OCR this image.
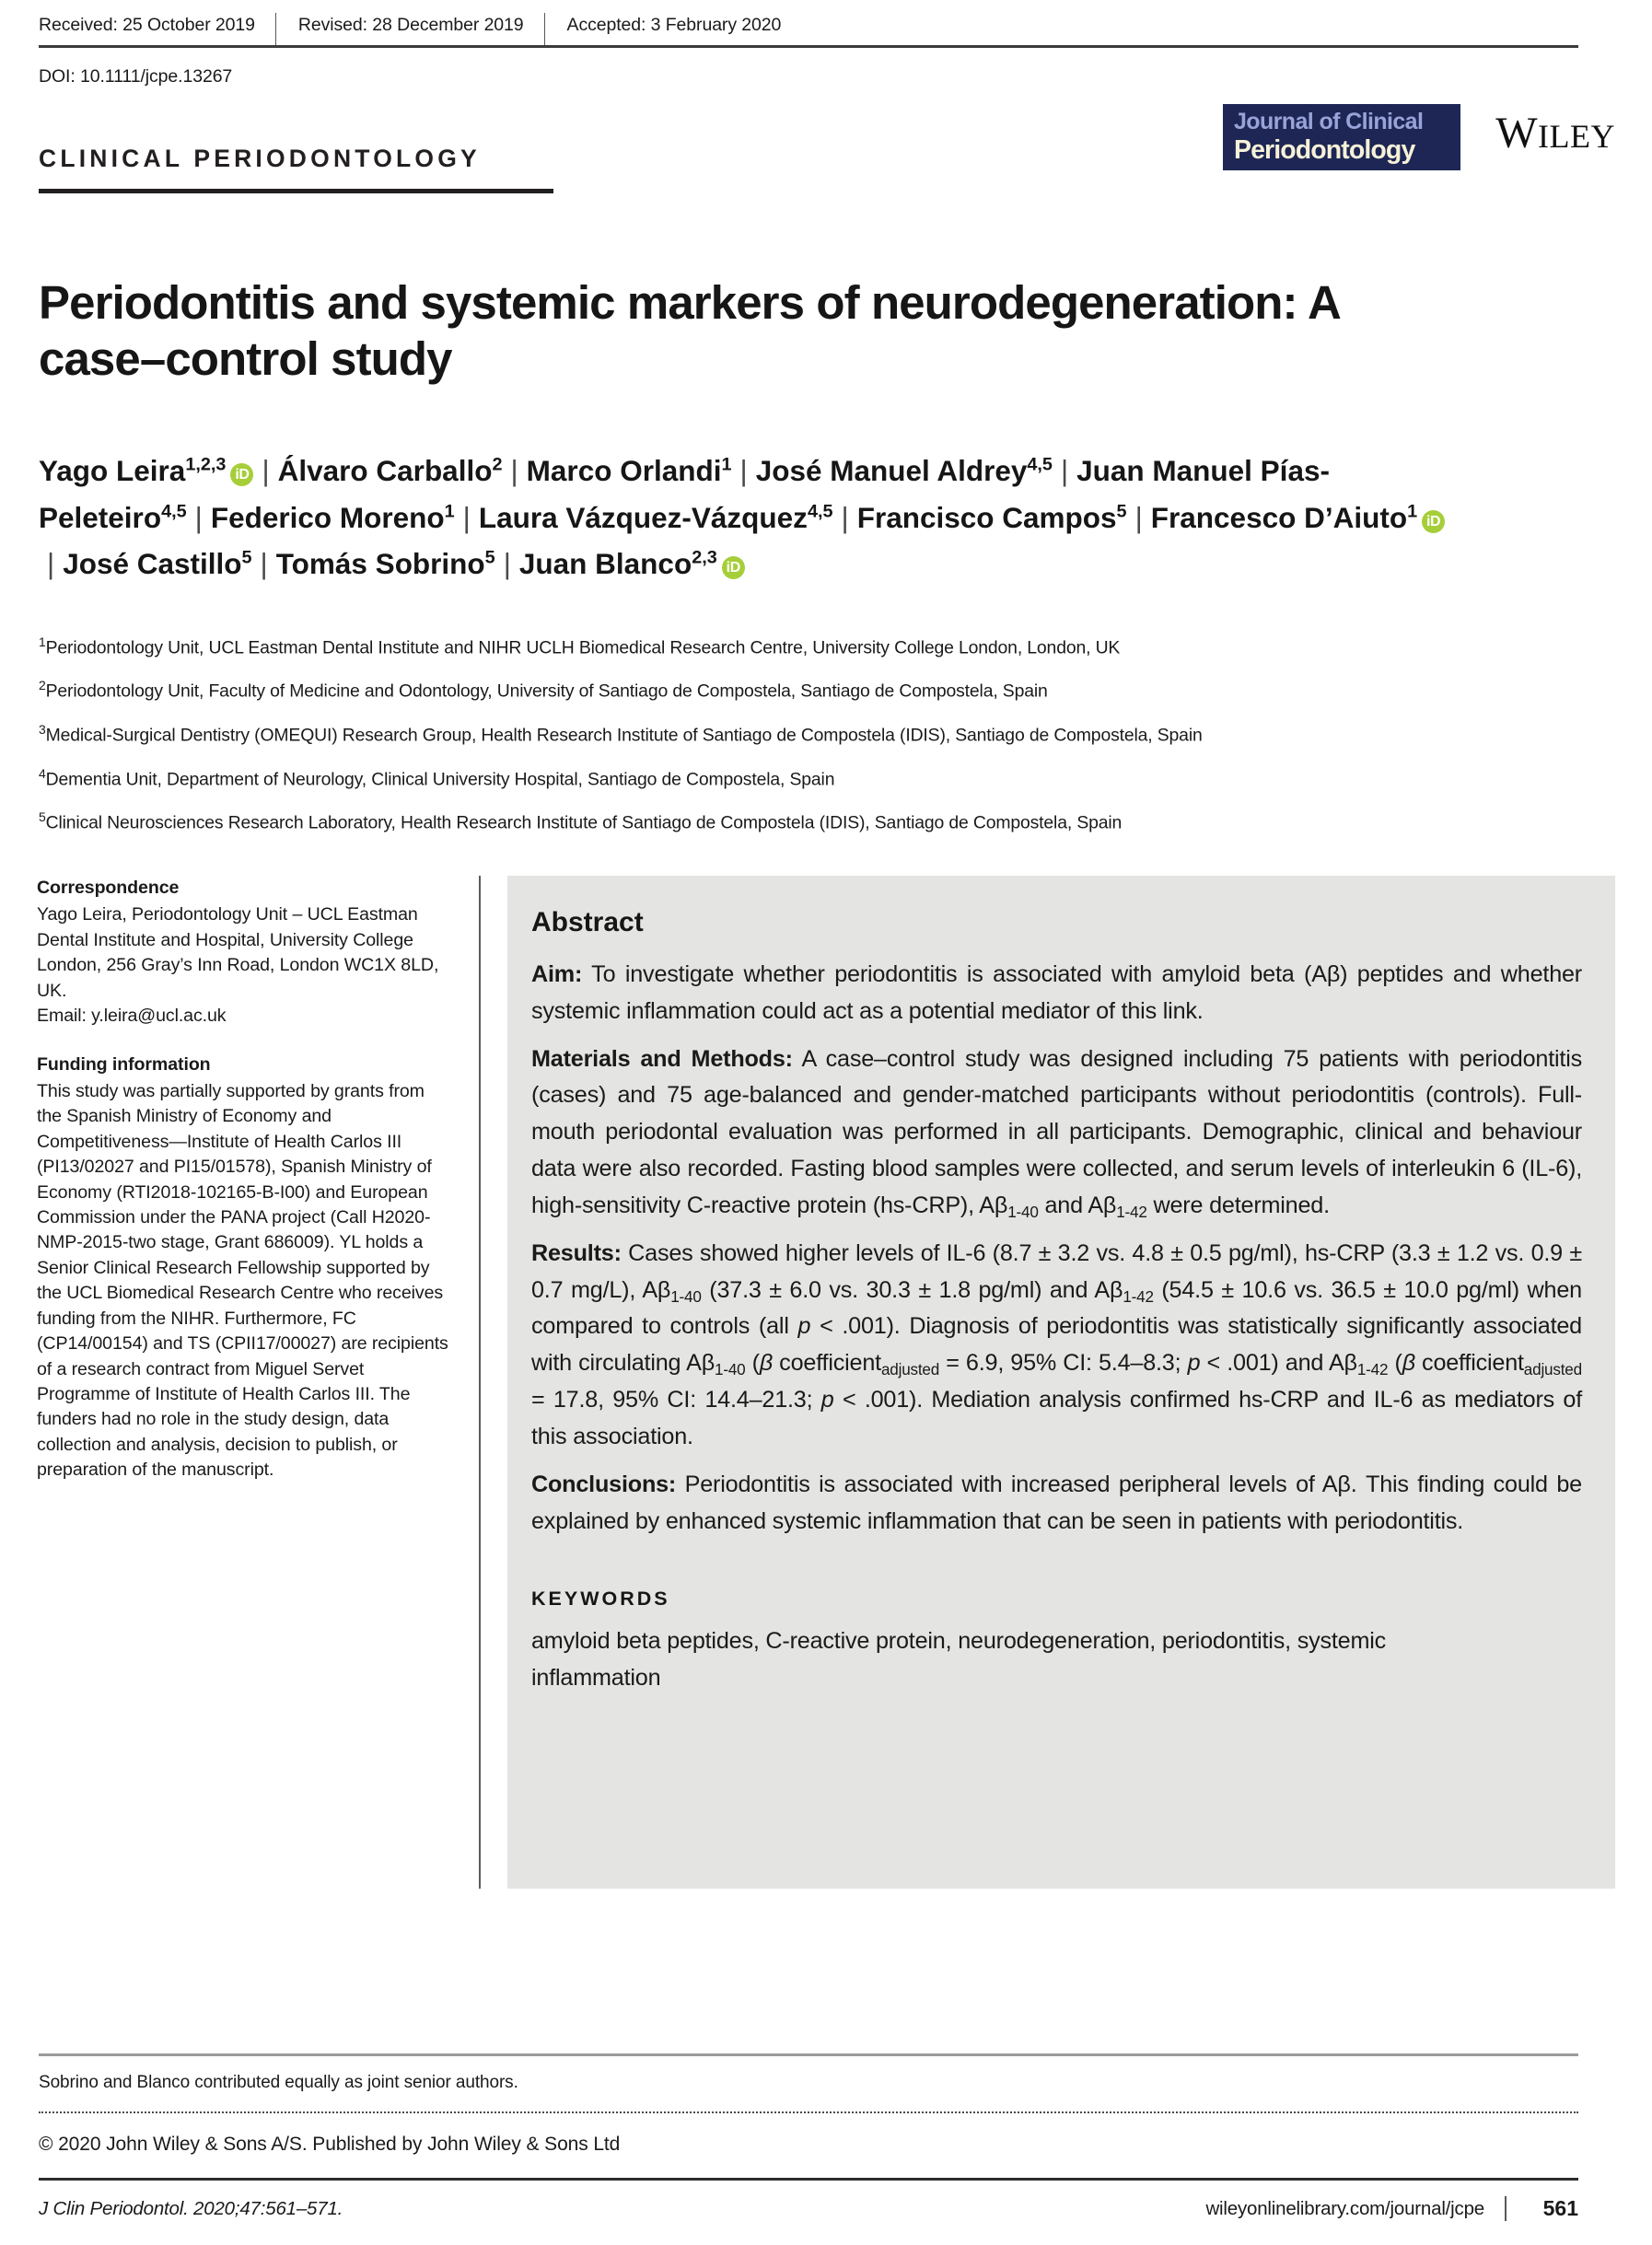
Received: 25 October 2019	Revised: 28 December 2019	Accepted: 3 February 2020
DOI: 10.1111/jcpe.13267
CLINICAL PERIODONTOLOGY
Journal of Clinical
Periodontology	WILEY
Periodontitis and systemic markers of neurodegeneration: A case–control study
Yago Leira$^{1,2,3}$ iD | Álvaro Carballo$^2$ | Marco Orlandi$^1$ | José Manuel Aldrey$^{4,5}$ | Juan Manuel Pías-Peleteiro$^{4,5}$ | Federico Moreno$^1$ | Laura Vázquez-Vázquez$^{4,5}$ | Francisco Campos$^5$ | Francesco D’Aiuto$^1$ iD| José Castillo$^5$ | Tomás Sobrino$^5$ | Juan Blanco$^{2,3}$ iD
$^1$Periodontology Unit, UCL Eastman Dental Institute and NIHR UCLH Biomedical Research Centre, University College London, London, UK
$^2$Periodontology Unit, Faculty of Medicine and Odontology, University of Santiago de Compostela, Santiago de Compostela, Spain
$^3$Medical-Surgical Dentistry (OMEQUI) Research Group, Health Research Institute of Santiago de Compostela (IDIS), Santiago de Compostela, Spain
$^4$Dementia Unit, Department of Neurology, Clinical University Hospital, Santiago de Compostela, Spain
$^5$Clinical Neurosciences Research Laboratory, Health Research Institute of Santiago de Compostela (IDIS), Santiago de Compostela, Spain
Correspondence

Yago Leira, Periodontology Unit – UCL Eastman Dental Institute and Hospital, University College London, 256 Gray’s Inn Road, London WC1X 8LD, UK.

Email: y.leira@ucl.ac.uk

Funding information

This study was partially supported by grants from the Spanish Ministry of Economy and Competitiveness—Institute of Health Carlos III (PI13/02027 and PI15/01578), Spanish Ministry of Economy (RTI2018-102165-B-I00) and European Commission under the PANA project (Call H2020-NMP-2015-two stage, Grant 686009). YL holds a Senior Clinical Research Fellowship supported by the UCL Biomedical Research Centre who receives funding from the NIHR. Furthermore, FC (CP14/00154) and TS (CPII17/00027) are recipients of a research contract from Miguel Servet Programme of Institute of Health Carlos III. The funders had no role in the study design, data collection and analysis, decision to publish, or preparation of the manuscript.

Abstract

Aim: To investigate whether periodontitis is associated with amyloid beta (Aβ) peptides and whether systemic inflammation could act as a potential mediator of this link.

Materials and Methods: A case–control study was designed including 75 patients with periodontitis (cases) and 75 age-balanced and gender-matched participants without periodontitis (controls). Full-mouth periodontal evaluation was performed in all participants. Demographic, clinical and behaviour data were also recorded. Fasting blood samples were collected, and serum levels of interleukin 6 (IL-6), high-sensitivity C-reactive protein (hs-CRP), $A\beta_{1-40}$ and $A\beta_{1-42}$ were determined.

Results: Cases showed higher levels of IL-6 (8.7 ± 3.2 vs. 4.8 ± 0.5 pg/ml), hs-CRP (3.3 ± 1.2 vs. 0.9 ± 0.7 mg/L), $A\beta_{1-40}$ (37.3 ± 6.0 vs. 30.3 ± 1.8 pg/ml) and $A\beta_{1-42}$ (54.5 ± 10.6 vs. 36.5 ± 10.0 pg/ml) when compared to controls (all p < .001). Diagnosis of periodontitis was statistically significantly associated with circulating $A\beta_{1-40}$ (β coefficient$_{adjusted}$ = 6.9, 95% CI: 5.4–8.3; p < .001) and $A\beta_{1-42}$ (β coefficient$_{adjusted}$ = 17.8, 95% CI: 14.4–21.3; p < .001). Mediation analysis confirmed hs-CRP and IL-6 as mediators of this association.

Conclusions: Periodontitis is associated with increased peripheral levels of Aβ. This finding could be explained by enhanced systemic inflammation that can be seen in patients with periodontitis.

KEYWORDS
amyloid beta peptides, C-reactive protein, neurodegeneration, periodontitis, systemic inflammation
Sobrino and Blanco contributed equally as joint senior authors.
© 2020 John Wiley & Sons A/S. Published by John Wiley & Sons Ltd
J Clin Periodontol. 2020;47:561–571.	wileyonlinelibrary.com/journal/jcpe	561
